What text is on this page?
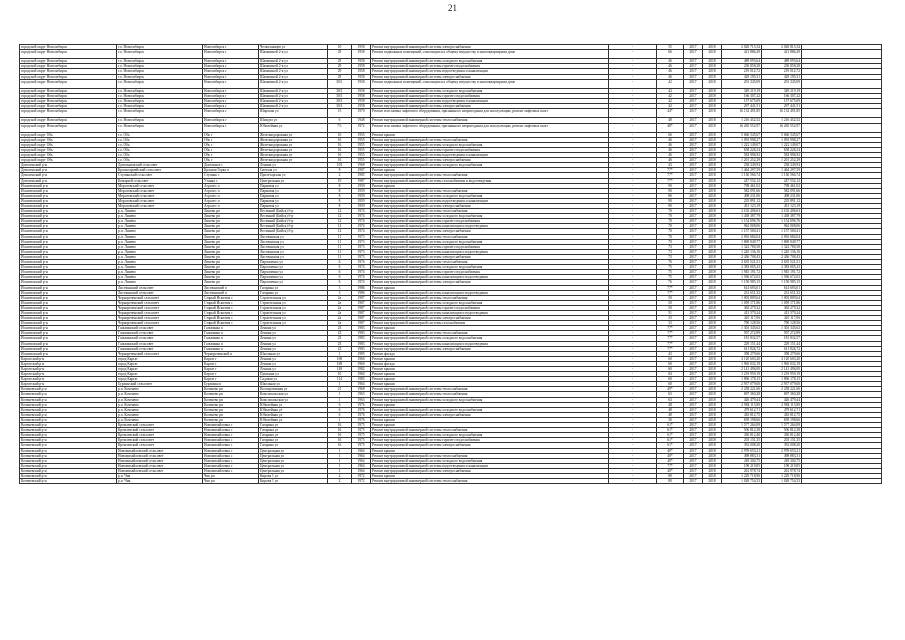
21
городской округ Новосибирск	г.о. Новосибирск	Новосибирск г	Челюскинцев ул	10	1958	Ремонт внутридомовой инженерной системы электроснабжения	-	55	2017	2018	2 020 715,34	2 020 815,34	
городской округ Новосибирск	г.о. Новосибирск	Новосибирск г	Шамшиной 2-я ул	29	1958	Ремонт подвальных помещений, относящихся к общему имуществу в многоквартирном доме	-	66	2017	2018	421 886,29	421 886,29	
городской округ Новосибирск	г.о. Новосибирск	Новосибирск г	Шамшиной 2-я ул	29	1958	Ремонт внутридомовой инженерной системы холодного водоснабжения	-	46	2017	2018	489 093,64	489 093,64	
городской округ Новосибирск	г.о. Новосибирск	Новосибирск г	Шамшиной 2-я ул	29	1958	Ремонт внутридомовой инженерной системы горячего водоснабжения	-	46	2017	2018	230 858,28	230 858,28	
городской округ Новосибирск	г.о. Новосибирск	Новосибирск г	Шамшиной 2-я ул	29	1958	Ремонт внутридомовой инженерной системы водоотведения и канализации	-	46	2017	2018	219 012,72	219 012,72	
городской округ Новосибирск	г.о. Новосибирск	Новосибирск г	Шамшиной 2-я ул	29	1958	Ремонт внутридомовой инженерной системы электроснабжения	-	46	2017	2018	429 195,31	429 195,31	
городской округ Новосибирск	г.о. Новосибирск	Новосибирск г	Шамшиной 2-я ул	30/1	1958	Ремонт подвальных помещений, относящихся к общему имуществу в многоквартирном доме	-	42	2017	2018	291 345,09	291 345,09	
городской округ Новосибирск	г.о. Новосибирск	Новосибирск г	Шамшиной 2-я ул	30/1	1958	Ремонт внутридомовой инженерной системы холодного водоснабжения	-	42	2017	2018	349 219,19	349 219,19	
городской округ Новосибирск	г.о. Новосибирск	Новосибирск г	Шамшиной 2-я ул	30/1	1958	Ремонт внутридомовой инженерной системы горячего водоснабжения	-	42	2017	2018	166 307,22	166 307,22	
городской округ Новосибирск	г.о. Новосибирск	Новосибирск г	Шамшиной 2-я ул	30/1	1958	Ремонт внутридомовой инженерной системы водоотведения и канализации	-	42	2017	2018	157 675,09	157 675,09	
городской округ Новосибирск	г.о. Новосибирск	Новосибирск г	Шамшиной 2-я ул	30/1	1958	Ремонт внутридомовой инженерной системы электроснабжения	-	42	2017	2018	297 441,51	297 441,51	
городской округ Новосибирск	г.о. Новосибирск	Новосибирск г	Широкая ул	15	1970	Ремонт или замена лифтового оборудования, признанного непригодным для эксплуатации, ремонт лифтовых шахт	-	44*	2017	2018	16 132 491,85	16 132 491,85	
городской округ Новосибирск	г.о. Новосибирск	Новосибирск г	Шмидта ул	6	1948	Ремонт внутридомовой инженерной системы теплоснабжения	-	48	2017	2018	1 216 452,52	1 216 452,52	
городской округ Новосибирск	г.о. Новосибирск	Новосибирск г	Юбилейная ул	7/1	1972	Ремонт или замена лифтового оборудования, признанного непригодным для эксплуатации, ремонт лифтовых шахт	-	48*	2017	2018	16 265 552,97	16 265 552,97	
городской округ Обь	г.о. Обь	Обь г	Железнодорожная ул	16	1955	Ремонт крыши	-	66	2017	2018	5 666 545,67	5 666 545,67	
городской округ Обь	г.о. Обь	Обь г	Железнодорожная ул	16	1955	Ремонт внутридомовой инженерной системы теплоснабжения	-	46	2017	2018	1 093 998,27	1 093 998,27	
городской округ Обь	г.о. Обь	Обь г	Железнодорожная ул	16	1955	Ремонт внутридомовой инженерной системы холодного водоснабжения	-	46	2017	2018	1 222 149,07	1 222 149,07	
городской округ Обь	г.о. Обь	Обь г	Железнодорожная ул	16	1955	Ремонт внутридомовой инженерной системы горячего водоснабжения	-	46	2017	2018	658 226,54	658 226,54	
городской округ Обь	г.о. Обь	Обь г	Железнодорожная ул	16	1955	Ремонт внутридомовой инженерной системы водоотведения и канализации	-	46	2017	2018	582 996,92	582 996,92	
городской округ Обь	г.о. Обь	Обь г	Железнодорожная ул	16	1955	Ремонт внутридомовой инженерной системы электроснабжения	-	46	2017	2018	1 201 252,29	1 201 252,29	
Доволенский р-н	Довольненский сельсовет	Довольное с	Ленина ул	103	1968	Ремонт внутридомовой инженерной системы холодного водоснабжения	-	43	2017	2018	238 349,94	238 349,94	
Доволенский р-н	Красноармейский сельсовет	Красная Горка п	Светлая ул	8	1987	Ремонт крыши	-	77*	2017	2018	1 464 297,59	1 464 297,59	
Доволенский р-н	Ступинский сельсовет	Ступино с	Пролетарская ул	2	1985	Ремонт внутридомовой инженерной системы теплоснабжения	-	77*	2017	2018	1 130 566,74	1 130 566,74	
Доволенский р-н	Комарьей сельсовет	Утянка с	Центральная ул	19	1987	Ремонт внутридомовой инженерной системы газоснабжения и водоотведения	-	77*	2017	2018	247 552,12	247 552,12	
Искитимский р-н	Морозовский сельсовет	Агролес п	Парковая ул	8	1959	Ремонт крыши	-	90	2017	2018	798 461,02	798 461,02	
Искитимский р-н	Морозовский сельсовет	Агролес п	Парковая ул	8	1959	Ремонт внутридомовой инженерной системы теплоснабжения	-	90	2017	2018	582 091,66	582 091,66	
Искитимский р-н	Морозовский сельсовет	Агролес п	Парковая ул	8	1959	Ремонт внутридомовой инженерной системы холодного водоснабжения	-	86	2017	2018	498 231,06	498 231,06	
Искитимский р-н	Морозовский сельсовет	Агролес п	Парковая ул	8	1959	Ремонт внутридомовой инженерной системы водоотведения и канализации	-	90	2017	2018	235 891,12	235 891,12	
Искитимский р-н	Морозовский сельсовет	Агролес п	Парковая ул	8	1959	Ремонт внутридомовой инженерной системы электроснабжения	-	90	2017	2018	451 123,19	451 123,19	
Искитимский р-н	р.п. Линево	Линево рп	Весенний (Бийск) б-р	12	1974	Ремонт внутридомовой инженерной системы теплоснабжения	-	70	2017	2018	2 102 406,63	2 102 406,63	
Искитимский р-н	р.п. Линево	Линево рп	Весенний (Бийск) б-р	12	1974	Ремонт внутридомовой инженерной системы холодного водоснабжения	-	70	2017	2018	1 438 387,79	1 438 387,79	
Искитимский р-н	р.п. Линево	Линево рп	Весенний (Бийск) б-р	12	1974	Ремонт внутридомовой инженерной системы горячего водоснабжения	-	70	2017	2018	1 154 096,76	1 154 096,76	
Искитимский р-н	р.п. Линево	Линево рп	Весенний (Бийск) б-р	12	1974	Ремонт внутридомовой инженерной системы канализации и водоотведения	-	70	2017	2018	962 008,06	962 008,06	
Искитимский р-н	р.п. Линево	Линево рп	Весенний (Бийск) б-р	12	1974	Ремонт внутридомовой инженерной системы электроснабжения	-	70	2017	2018	1 157 560,41	1 157 560,41	
Искитимский р-н	р.п. Линево	Линево рп	Листвянская ул	11	1973	Ремонт внутридомовой инженерной системы теплоснабжения	-	70	2017	2018	2 092 684,04	2 092 684,04	
Искитимский р-н	р.п. Линево	Линево рп	Листвянская ул	11	1973	Ремонт внутридомовой инженерной системы холодного водоснабжения	-	70	2017	2018	1 869 049,77	1 869 049,77	
Искитимский р-н	р.п. Линево	Линево рп	Листвянская ул	11	1973	Ремонт внутридомовой инженерной системы горячего водоснабжения	-	73	2017	2018	1 322 780,58	1 322 780,58	
Искитимский р-н	р.п. Линево	Линево рп	Листвянская ул	11	1973	Ремонт внутридомовой инженерной системы канализации и водоотведения	-	73	2017	2018	1 245 136,16	1 245 136,16	
Искитимский р-н	р.п. Линево	Линево рп	Листвянская ул	11	1973	Ремонт внутридомовой инженерной системы электроснабжения	-	73	2017	2018	2 436 708,43	2 436 708,43	
Искитимский р-н	р.п. Линево	Линево рп	Пархоменко ул	6	1974	Ремонт внутридомовой инженерной системы теплоснабжения	-	76	2017	2018	3 635 521,51	3 635 521,51	
Искитимский р-н	р.п. Линево	Линево рп	Пархоменко ул	6	1974	Ремонт внутридомовой инженерной системы холодного водоснабжения	-	75	2017	2018	2 383 005,23	2 383 005,23	
Искитимский р-н	р.п. Линево	Линево рп	Пархоменко ул	6	1974	Ремонт внутридомовой инженерной системы горячего водоснабжения	-	75	2017	2018	1 945 191,72	1 945 191,72	
Искитимский р-н	р.п. Линево	Линево рп	Пархоменко ул	6	1974	Ремонт внутридомовой инженерной системы канализации и водоотведения	-	75	2017	2018	1 566 672,02	1 566 672,02	
Искитимский р-н	р.п. Линево	Линево рп	Пархоменко ул	6	1974	Ремонт внутридомовой инженерной системы электроснабжения	-	76	2017	2018	1 150 985,15	1 150 985,15	
Искитимский р-н	Листвянский сельсовет	Листвянский п	Гагарина ул	3	1986	Ремонт крыши	-	77*	2017	2018	614 693,01	614 693,01	
Искитимский р-н	Листвянский сельсовет	Листвянский п	Гагарина ул	3	1986	Ремонт внутридомовой инженерной системы канализации и водоотведения	-	77*	2017	2018	231 651,32	231 651,32	
Искитимский р-н	Чернореченский сельсовет	Старый Искитим с	Строительная ул	2а	1987	Ремонт внутридомовой инженерной системы теплоснабжения	-	50	2017	2018	1 003 809,64	1 003 809,64	
Искитимский р-н	Чернореченский сельсовет	Старый Искитим с	Строительная ул	2а	1987	Ремонт внутридомовой инженерной системы холодного водоснабжения	-	50	2017	2018	1 059 171,86	1 059 171,86	
Искитимский р-н	Чернореченский сельсовет	Старый Искитим с	Строительная ул	2а	1987	Ремонт внутридомовой инженерной системы горячего водоснабжения	-	50	2017	2018	365 279,32	365 279,32	
Искитимский р-н	Чернореченский сельсовет	Старый Искитим с	Строительная ул	2а	1987	Ремонт внутридомовой инженерной системы канализации и водоотведения	-	51	2017	2018	413 579,24	413 579,24	
Искитимский р-н	Чернореченский сельсовет	Старый Искитим с	Строительная ул	2а	1987	Ремонт внутридомовой инженерной системы электроснабжения	-	33	2017	2018	410 117,06	410 117,06	
Искитимский р-н	Чернореченский сельсовет	Старый Искитим с	Строительная ул	2а	1987	Ремонт внутридомовой инженерной системы газоснабжения	-	33	2017	2018	790 128,56	790 128,56	
Искитимский р-н	Гальвинский сельсовет	Гальвинка п	Ленина ул	23	1983	Ремонт крыши	-	77*	2017	2018	1 303 345,62	1 303 345,62	
Искитимский р-н	Гальвинский сельсовет	Гальвинка п	Ленина ул	23	1983	Ремонт внутридомовой инженерной системы теплоснабжения	-	77*	2017	2018	597 272,89	597 272,89	
Искитимский р-н	Гальвинский сельсовет	Гальвинка п	Ленина ул	23	1983	Ремонт внутридомовой инженерной системы холодного водоснабжения	-	77*	2017	2018	181 832,57	181 832,57	
Искитимский р-н	Гальвинский сельсовет	Гальвинка п	Ленина ул	23	1983	Ремонт внутридомовой инженерной системы канализации и водоотведения	-	77*	2017	2018	229 151,44	229 151,44	
Искитимский р-н	Гальвинский сельсовет	Гальвинка п	Ленина ул	23	1983	Ремонт внутридомовой инженерной системы электроснабжения	-	77*	2017	2018	611 826,72	611 826,72	
Искитимский р-н	Чернореченский сельсовет	Чернореченский п	Школьная ул	1	1985	Ремонт фасада	-	43	2017	2018	398 279,66	398 279,66	
Каргатский р-н	город Каргат	Каргат г	Ленина ул	169	1960	Ремонт крыши	-	60	2017	2018	4 120 603,20	4 120 603,20	
Каргатский р-н	город Каргат	Каргат г	Ленина ул	169	1960	Ремонт фасада	-	60	2017	2018	1 965 032,19	1 965 032,19	
Каргатский р-н	город Каргат	Каргат г	Ленина ул	149	1982	Ремонт крыши	-	60	2017	2018	2 141 496,00	2 141 496,00	
Каргатский р-н	город Каргат	Каргат г	Пушкина ул	10	1960	Ремонт крыши	-	84	2017	2018	1 219 959,19	1 219 959,19	
Каргатский р-н	город Каргат	Каргат г	Садовая ул	114	1983	Ремонт крыши	-	60	2017	2018	1 896 178,15	1 896 178,15	
Каргатский р-н	Бурлинский сельсовет	Бурлинка п	Школьная ул	1	1964	Ремонт крыши	-	60	2017	2018	2 937 079,00	2 937 079,00	
Коченевский р-н	р.п. Коченево	Коченево рп	Кооперативная ул	21	1968	Ремонт внутридомовой инженерной системы теплоснабжения	-	49*	2017	2018	2 258 221,60	2 258 221,60	
Коченевский р-н	р.п. Коченево	Коченево рп	Комсомольская ул	1	1963	Ремонт внутридомовой инженерной системы теплоснабжения	-	63	2017	2018	697 360,28	697 360,28	
Коченевский р-н	р.п. Коченево	Коченево рп	Комсомольская ул	1	1963	Ремонт внутридомовой инженерной системы холодного водоснабжения	-	63	2017	2018	426 479,44	426 479,44	
Коченевский р-н	р.п. Коченево	Коченево рп	Юбилейная ул	6	1976	Ремонт крыши	-	48	2017	2018	2 984 115,80	2 984 115,80	
Коченевский р-н	р.п. Коченево	Коченево рп	Юбилейная ул	6	1976	Ремонт внутридомовой инженерной системы холодного водоснабжения	-	48	2017	2018	479 612,71	479 612,71	
Коченевский р-н	р.п. Коченево	Коченево рп	Юбилейная ул	6	1976	Ремонт внутридомовой инженерной системы электроснабжения	-	48	2017	2018	416 812,75	416 812,75	
Коченевский р-н	р.п. Коченево	Коченево рп	Юбилейная ул	1	1976	Ремонт крыши	-	30	2017	2018	659 198,66	659 198,66	
Коченевский р-н	Кремлевский сельсовет	Новомихайловка с	Гагарина ул	16	1975	Ремонт крыши	-	61*	2017	2018	1 577 264,08	1 577 264,08	
Коченевский р-н	Кремлевский сельсовет	Новомихайловка с	Гагарина ул	16	1975	Ремонт внутридомовой инженерной системы теплоснабжения	-	61*	2017	2018	506 812,38	506 812,38	
Коченевский р-н	Кремлевский сельсовет	Новомихайловка с	Гагарина ул	16	1975	Ремонт внутридомовой инженерной системы холодного водоснабжения	-	61*	2017	2018	436 812,40	436 812,40	
Коченевский р-н	Кремлевский сельсовет	Новомихайловка с	Гагарина ул	16	1975	Ремонт внутридомовой инженерной системы горячего водоснабжения	-	61*	2017	2018	203 151,35	203 151,35	
Коченевский р-н	Кремлевский сельсовет	Новомихайловка с	Гагарина ул	16	1975	Ремонт внутридомовой инженерной системы электроснабжения	-	61*	2017	2018	392 008,20	392 008,20	
Коченевский р-н	Новомихайловский сельсовет	Новомихайловка с	Центральная ул	1	1964	Ремонт крыши	-	40*	2017	2018	2 978 653,21	2 978 653,21	
Коченевский р-н	Новомихайловский сельсовет	Новомихайловка с	Центральная ул	1	1964	Ремонт внутридомовой инженерной системы теплоснабжения	-	40*	2017	2018	498 883,31	498 883,31	
Коченевский р-н	Новомихайловский сельсовет	Новомихайловка с	Центральная ул	1	1964	Ремонт внутридомовой инженерной системы холодного водоснабжения	-	40*	2017	2018	418 304,75	418 304,75	
Коченевский р-н	Новомихайловский сельсовет	Новомихайловка с	Центральная ул	1	1964	Ремонт внутридомовой инженерной системы водоотведения и канализации	-	77*	2017	2018	198 219,85	198 219,85	
Коченевский р-н	Новомихайловский сельсовет	Новомихайловка с	Центральная ул	1	1964	Ремонт внутридомовой инженерной системы электроснабжения	-	40*	2017	2018	261 978,74	261 978,74	
Коченевский р-н	р.п. Чик	Чик рп	Кирова 1 ул	2	1972	Ремонт крыши	-	80	2017	2018	1 229 718,96	1 229 718,96	
Коченевский р-н	р.п. Чик	Чик рп	Кирова 1 ул	2	1972	Ремонт внутридомовой инженерной системы теплоснабжения	-	80	2017	2018	1 028 754,53	1 028 754,53	
